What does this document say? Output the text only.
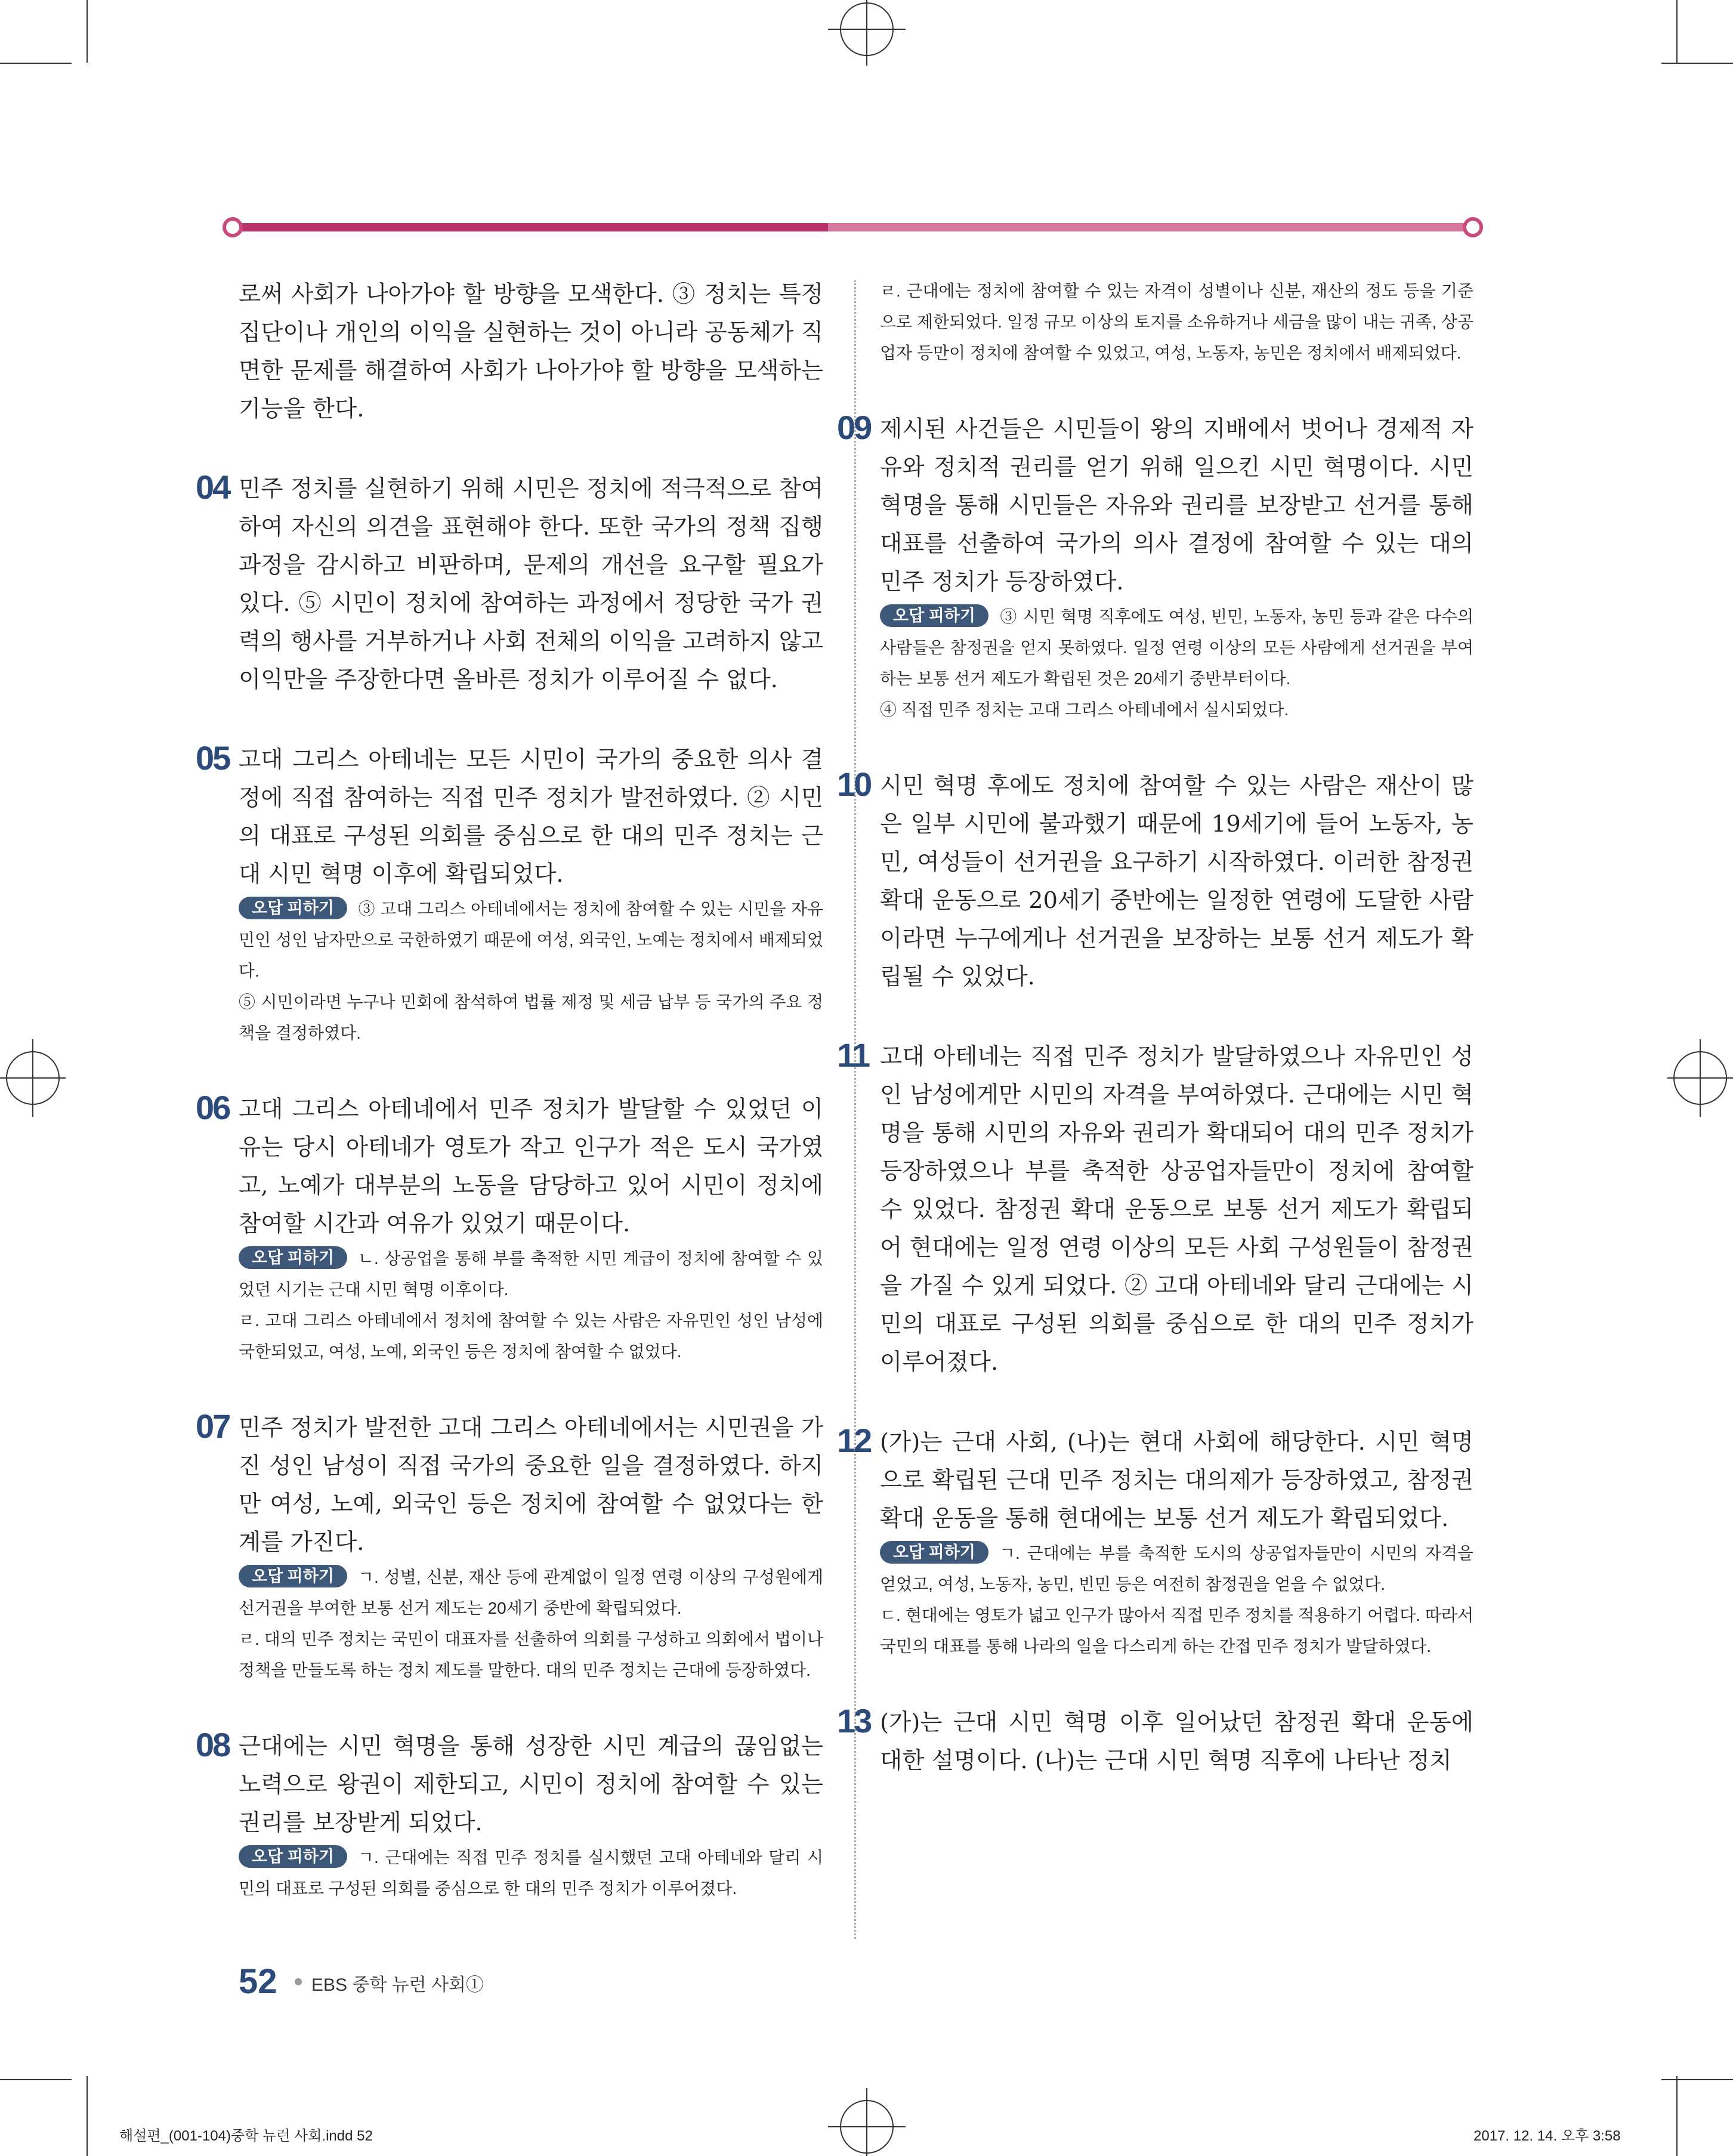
로써 사회가 나아가야 할 방향을 모색한다. ③ 정치는 특정 집단이나 개인의 이익을 실현하는 것이 아니라 공동체가 직면한 문제를 해결하여 사회가 나아가야 할 방향을 모색하는 기능을 한다.

04 민주 정치를 실현하기 위해 시민은 정치에 적극적으로 참여하여 자신의 의견을 표현해야 한다. 또한 국가의 정책 집행 과정을 감시하고 비판하며, 문제의 개선을 요구할 필요가 있다. ⑤ 시민이 정치에 참여하는 과정에서 정당한 국가 권력의 행사를 거부하거나 사회 전체의 이익을 고려하지 않고 이익만을 주장한다면 올바른 정치가 이루어질 수 없다.

05 고대 그리스 아테네는 모든 시민이 국가의 중요한 의사 결정에 직접 참여하는 직접 민주 정치가 발전하였다. ② 시민의 대표로 구성된 의회를 중심으로 한 대의 민주 정치는 근대 시민 혁명 이후에 확립되었다.

오답 피하기 ③ 고대 그리스 아테네에서는 정치에 참여할 수 있는 시민을 자유민인 성인 남자만으로 국한하였기 때문에 여성, 외국인, 노예는 정치에서 배제되었다.

⑤ 시민이라면 누구나 민회에 참석하여 법률 제정 및 세금 납부 등 국가의 주요 정책을 결정하였다.

06 고대 그리스 아테네에서 민주 정치가 발달할 수 있었던 이유는 당시 아테네가 영토가 작고 인구가 적은 도시 국가였고, 노예가 대부분의 노동을 담당하고 있어 시민이 정치에 참여할 시간과 여유가 있었기 때문이다.

오답 피하기 ㄴ. 상공업을 통해 부를 축적한 시민 계급이 정치에 참여할 수 있었던 시기는 근대 시민 혁명 이후이다.

ㄹ. 고대 그리스 아테네에서 정치에 참여할 수 있는 사람은 자유민인 성인 남성에 국한되었고, 여성, 노예, 외국인 등은 정치에 참여할 수 없었다.

07 민주 정치가 발전한 고대 그리스 아테네에서는 시민권을 가진 성인 남성이 직접 국가의 중요한 일을 결정하였다. 하지만 여성, 노예, 외국인 등은 정치에 참여할 수 없었다는 한계를 가진다.

오답 피하기 ㄱ. 성별, 신분, 재산 등에 관계없이 일정 연령 이상의 구성원에게 선거권을 부여한 보통 선거 제도는 20세기 중반에 확립되었다.

ㄹ. 대의 민주 정치는 국민이 대표자를 선출하여 의회를 구성하고 의회에서 법이나 정책을 만들도록 하는 정치 제도를 말한다. 대의 민주 정치는 근대에 등장하였다.

08 근대에는 시민 혁명을 통해 성장한 시민 계급의 끊임없는 노력으로 왕권이 제한되고, 시민이 정치에 참여할 수 있는 권리를 보장받게 되었다.

오답 피하기 ㄱ. 근대에는 직접 민주 정치를 실시했던 고대 아테네와 달리 시민의 대표로 구성된 의회를 중심으로 한 대의 민주 정치가 이루어졌다.

ㄹ. 근대에는 정치에 참여할 수 있는 자격이 성별이나 신분, 재산의 정도 등을 기준으로 제한되었다. 일정 규모 이상의 토지를 소유하거나 세금을 많이 내는 귀족, 상공업자 등만이 정치에 참여할 수 있었고, 여성, 노동자, 농민은 정치에서 배제되었다.

09 제시된 사건들은 시민들이 왕의 지배에서 벗어나 경제적 자유와 정치적 권리를 얻기 위해 일으킨 시민 혁명이다. 시민 혁명을 통해 시민들은 자유와 권리를 보장받고 선거를 통해 대표를 선출하여 국가의 의사 결정에 참여할 수 있는 대의 민주 정치가 등장하였다.

오답 피하기 ③ 시민 혁명 직후에도 여성, 빈민, 노동자, 농민 등과 같은 다수의 사람들은 참정권을 얻지 못하였다. 일정 연령 이상의 모든 사람에게 선거권을 부여하는 보통 선거 제도가 확립된 것은 20세기 중반부터이다.

④ 직접 민주 정치는 고대 그리스 아테네에서 실시되었다.

10 시민 혁명 후에도 정치에 참여할 수 있는 사람은 재산이 많은 일부 시민에 불과했기 때문에 19세기에 들어 노동자, 농민, 여성들이 선거권을 요구하기 시작하였다. 이러한 참정권 확대 운동으로 20세기 중반에는 일정한 연령에 도달한 사람이라면 누구에게나 선거권을 보장하는 보통 선거 제도가 확립될 수 있었다.

11 고대 아테네는 직접 민주 정치가 발달하였으나 자유민인 성인 남성에게만 시민의 자격을 부여하였다. 근대에는 시민 혁명을 통해 시민의 자유와 권리가 확대되어 대의 민주 정치가 등장하였으나 부를 축적한 상공업자들만이 정치에 참여할 수 있었다. 참정권 확대 운동으로 보통 선거 제도가 확립되어 현대에는 일정 연령 이상의 모든 사회 구성원들이 참정권을 가질 수 있게 되었다. ② 고대 아테네와 달리 근대에는 시민의 대표로 구성된 의회를 중심으로 한 대의 민주 정치가 이루어졌다.

12 (가)는 근대 사회, (나)는 현대 사회에 해당한다. 시민 혁명으로 확립된 근대 민주 정치는 대의제가 등장하였고, 참정권 확대 운동을 통해 현대에는 보통 선거 제도가 확립되었다.

오답 피하기 ㄱ. 근대에는 부를 축적한 도시의 상공업자들만이 시민의 자격을 얻었고, 여성, 노동자, 농민, 빈민 등은 여전히 참정권을 얻을 수 없었다.

ㄷ. 현대에는 영토가 넓고 인구가 많아서 직접 민주 정치를 적용하기 어렵다. 따라서 국민의 대표를 통해 나라의 일을 다스리게 하는 간접 민주 정치가 발달하였다.

13 (가)는 근대 시민 혁명 이후 일어났던 참정권 확대 운동에 대한 설명이다. (나)는 근대 시민 혁명 직후에 나타난 정치

52 EBS 중학 뉴런 사회①
해설편_(001-104)중학 뉴런 사회.indd 52	2017. 12. 14. 오후 3:58
